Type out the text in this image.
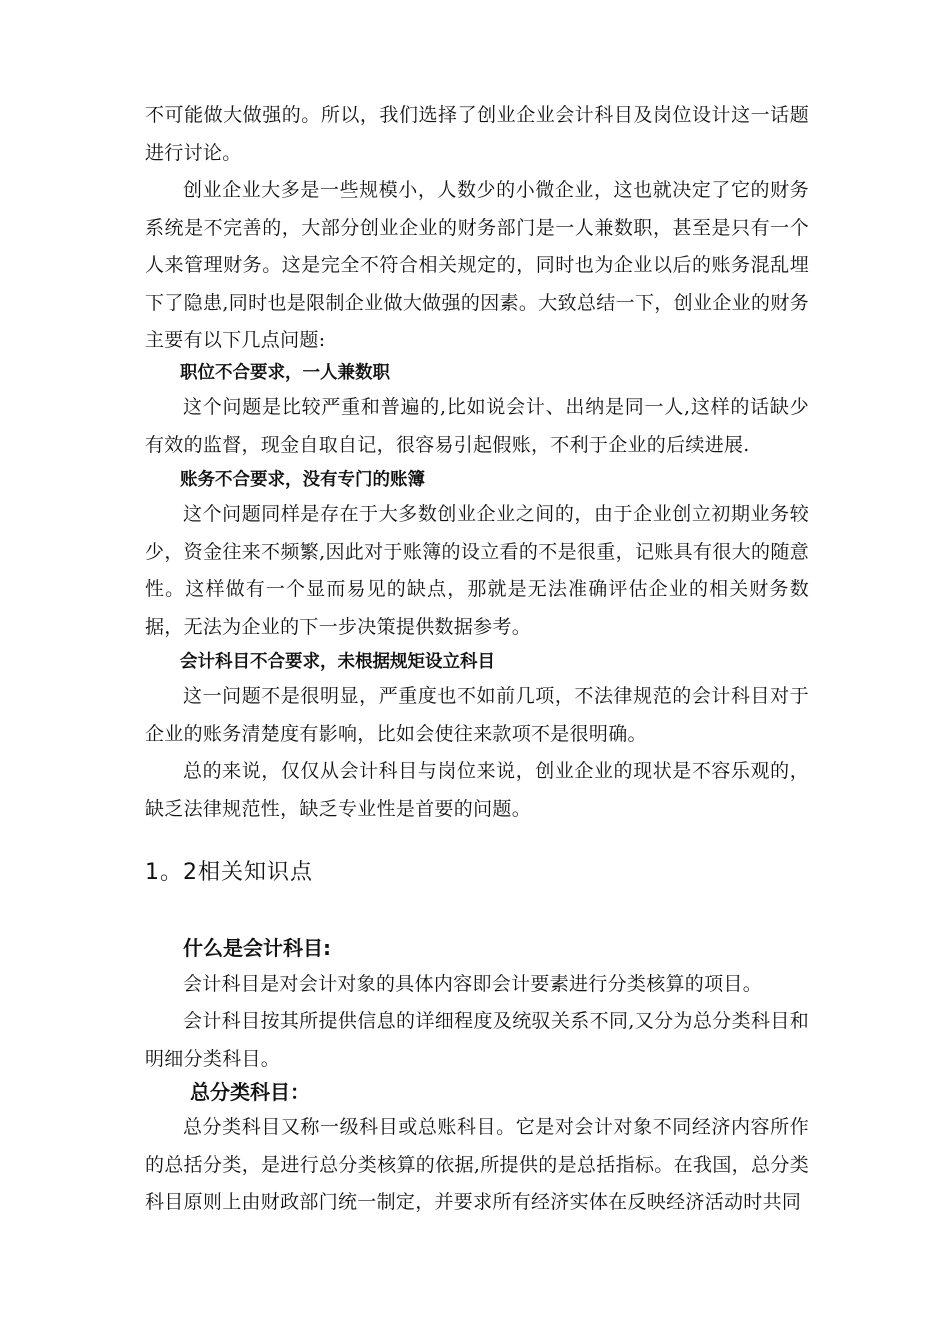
不可能做大做强的。所以，我们选择了创业企业会计科目及岗位设计这一话题进行讨论。

创业企业大多是一些规模小，人数少的小微企业，这也就决定了它的财务系统是不完善的，大部分创业企业的财务部门是一人兼数职，甚至是只有一个人来管理财务。这是完全不符合相关规定的，同时也为企业以后的账务混乱埋下了隐患,同时也是限制企业做大做强的因素。大致总结一下，创业企业的财务主要有以下几点问题:

职位不合要求，一人兼数职

这个问题是比较严重和普遍的,比如说会计、出纳是同一人,这样的话缺少有效的监督，现金自取自记，很容易引起假账，不利于企业的后续进展.

账务不合要求，没有专门的账簿

这个问题同样是存在于大多数创业企业之间的，由于企业创立初期业务较少，资金往来不频繁,因此对于账簿的设立看的不是很重，记账具有很大的随意性。这样做有一个显而易见的缺点，那就是无法准确评估企业的相关财务数据，无法为企业的下一步决策提供数据参考。

会计科目不合要求，未根据规矩设立科目

这一问题不是很明显，严重度也不如前几项，不法律规范的会计科目对于企业的账务清楚度有影响，比如会使往来款项不是很明确。

总的来说，仅仅从会计科目与岗位来说，创业企业的现状是不容乐观的，缺乏法律规范性，缺乏专业性是首要的问题。

1。2相关知识点

什么是会计科目:

会计科目是对会计对象的具体内容即会计要素进行分类核算的项目。

会计科目按其所提供信息的详细程度及统驭关系不同,又分为总分类科目和明细分类科目。

总分类科目：

总分类科目又称一级科目或总账科目。它是对会计对象不同经济内容所作的总括分类，是进行总分类核算的依据,所提供的是总括指标。在我国，总分类科目原则上由财政部门统一制定，并要求所有经济实体在反映经济活动时共同
